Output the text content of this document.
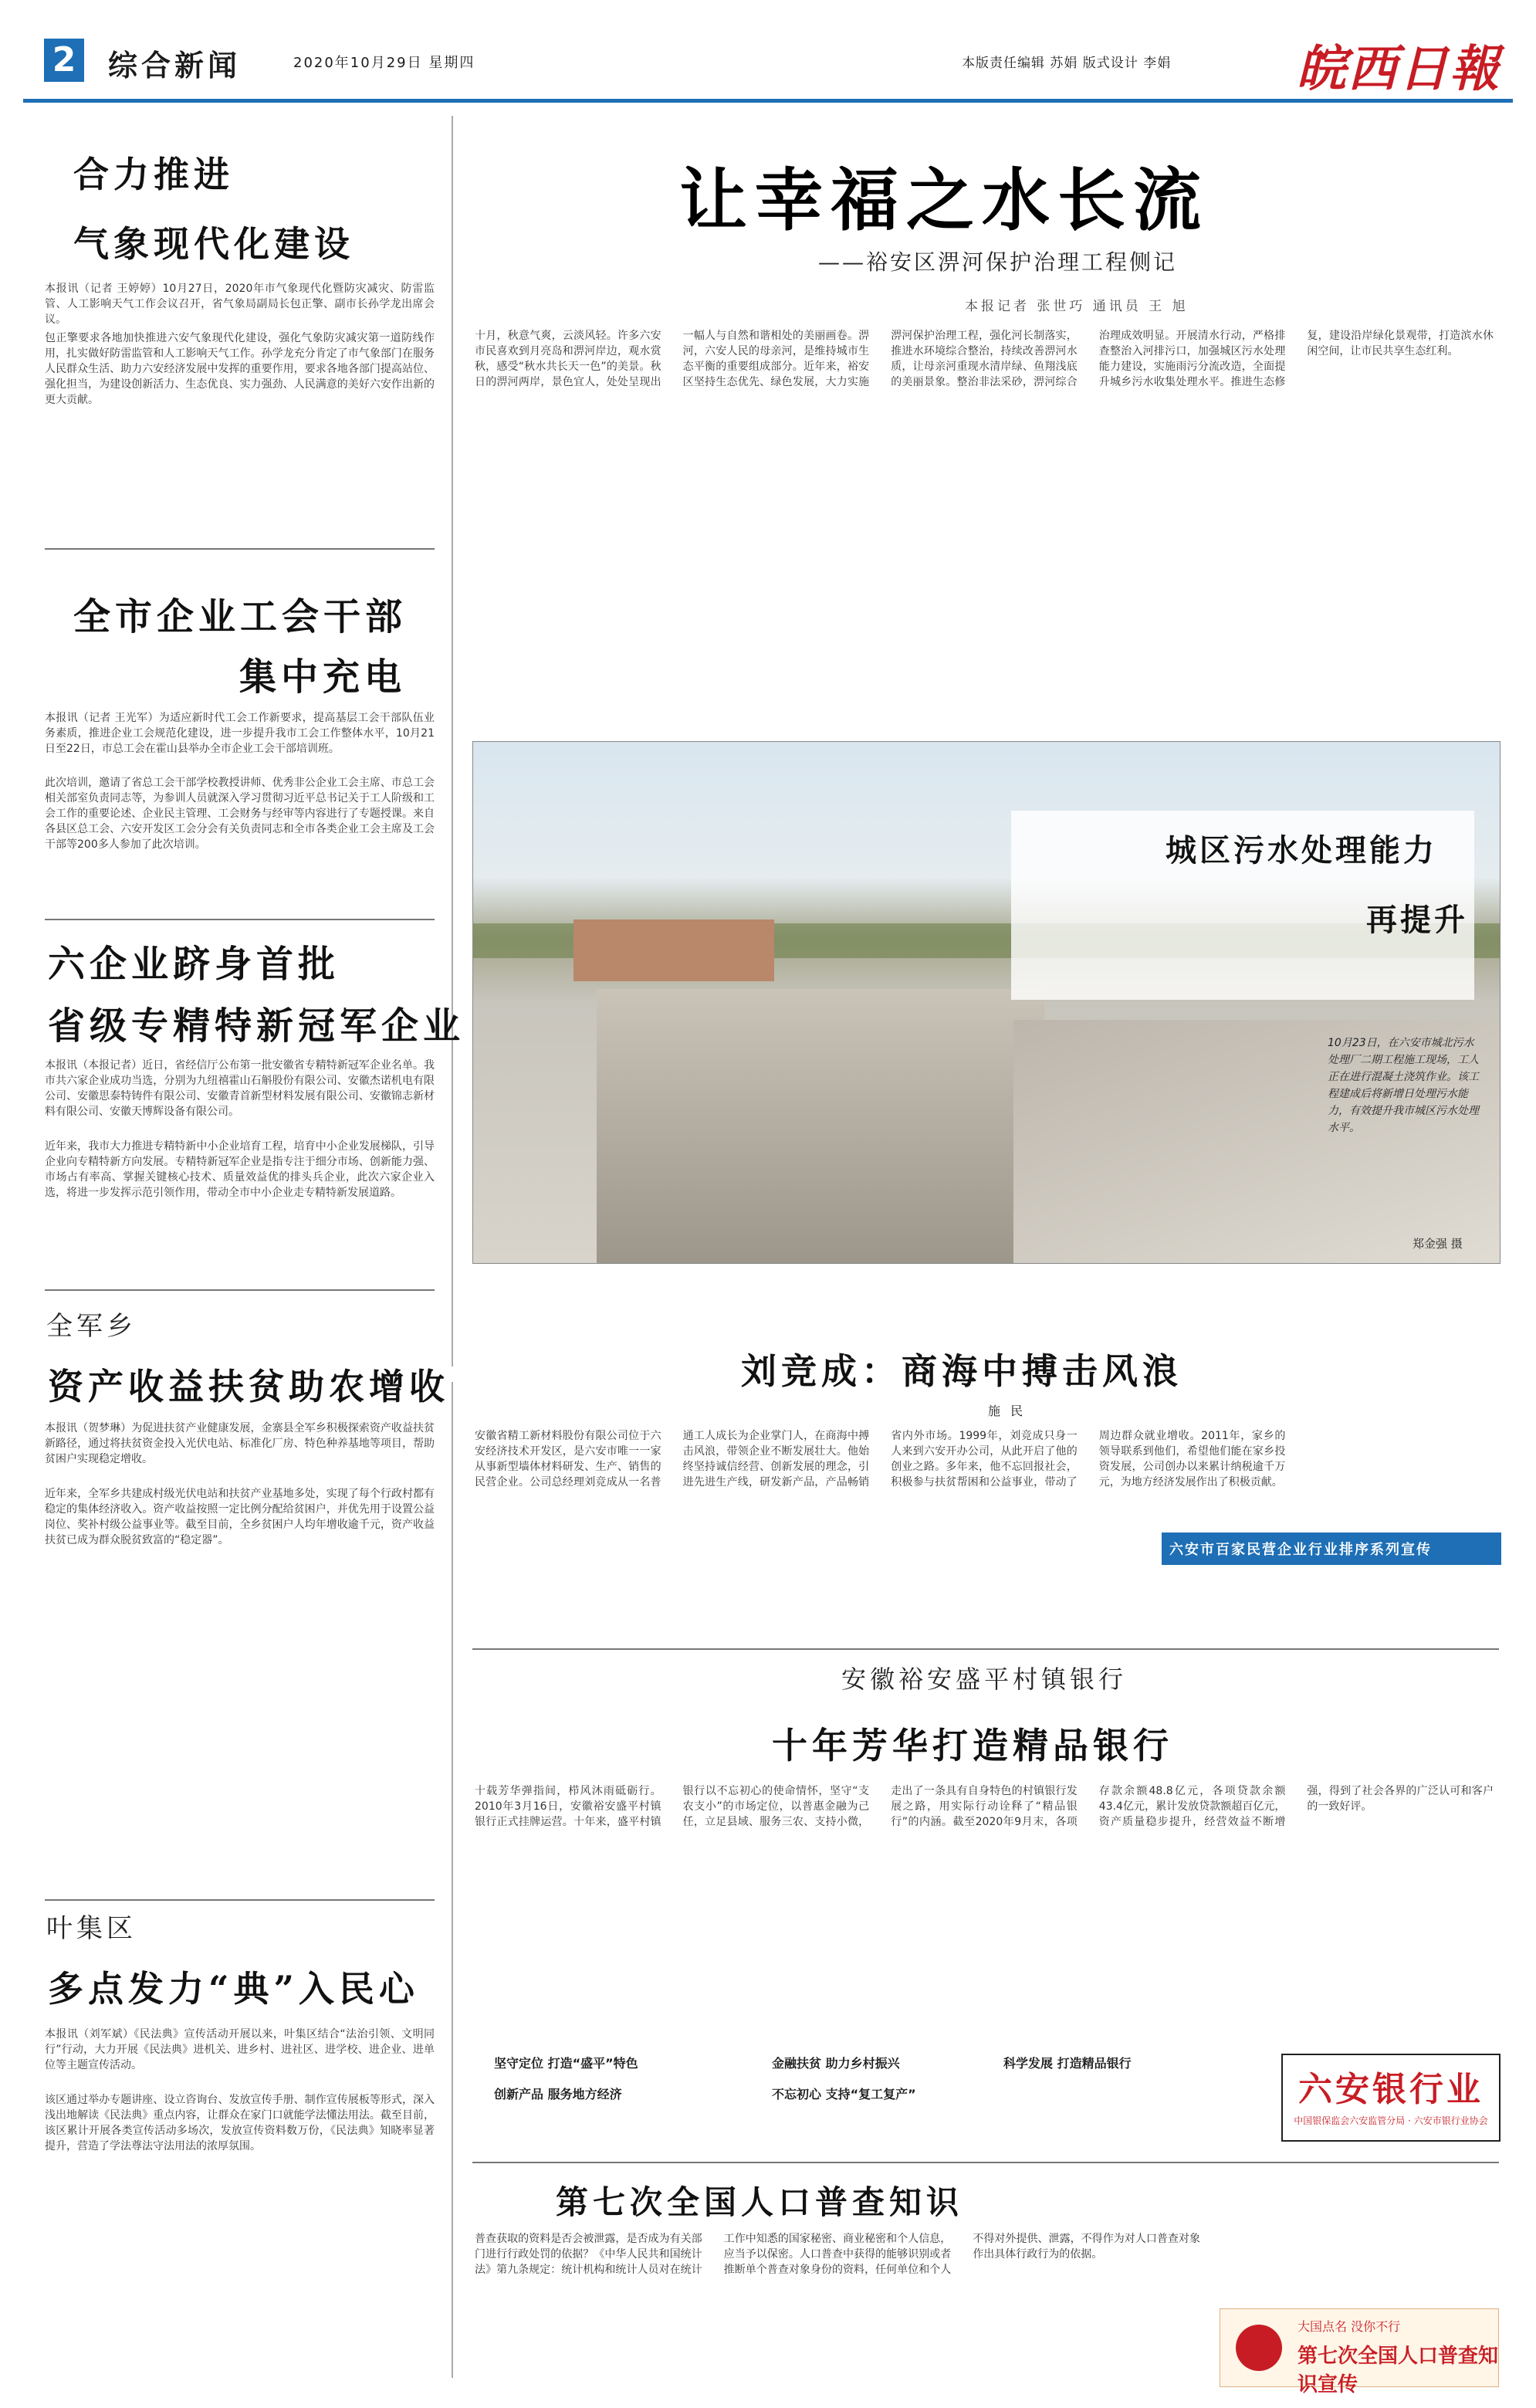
2 综合新闻	2020年10月29日 星期四	本版责任编辑 苏娟 版式设计 李娟	皖西日報
合力推进
气象现代化建设
本报讯（记者 王婷婷）10月27日，2020年市气象现代化暨防灾减灾、防雷监管、人工影响天气工作会议召开，省气象局副局长包正擎、副市长孙学龙出席会议。
包正擎要求各地加快推进六安气象现代化建设，强化气象防灾减灾第一道防线作用，扎实做好防雷监管和人工影响天气工作。孙学龙充分肯定了市气象部门在服务人民群众生活、助力六安经济发展中发挥的重要作用，要求各地各部门提高站位、强化担当，为建设创新活力、生态优良、实力强劲、人民满意的美好六安作出新的更大贡献。
全市企业工会干部
集中充电
本报讯（记者 王光军）为适应新时代工会工作新要求，提高基层工会干部队伍业务素质，推进企业工会规范化建设，进一步提升我市工会工作整体水平，10月21日至22日，市总工会在霍山县举办全市企业工会干部培训班。
此次培训，邀请了省总工会干部学校教授讲师、优秀非公企业工会主席、市总工会相关部室负责同志等，为参训人员就深入学习贯彻习近平总书记关于工人阶级和工会工作的重要论述、企业民主管理、工会财务与经审等内容进行了专题授课。来自各县区总工会、六安开发区工会分会有关负责同志和全市各类企业工会主席及工会干部等200多人参加了此次培训。
六企业跻身首批
省级专精特新冠军企业
本报讯（本报记者）近日，省经信厅公布第一批安徽省专精特新冠军企业名单。我市共六家企业成功当选，分别为九纽禧霍山石斛股份有限公司、安徽杰诺机电有限公司、安徽思泰特铸件有限公司、安徽青首新型材料发展有限公司、安徽锦志新材料有限公司、安徽天博辉设备有限公司。
近年来，我市大力推进专精特新中小企业培育工程，培育中小企业发展梯队，引导企业向专精特新方向发展。专精特新冠军企业是指专注于细分市场、创新能力强、市场占有率高、掌握关键核心技术、质量效益优的排头兵企业，此次六家企业入选，将进一步发挥示范引领作用，带动全市中小企业走专精特新发展道路。
全军乡
资产收益扶贫助农增收
本报讯（贺梦琳）为促进扶贫产业健康发展，金寨县全军乡积极探索资产收益扶贫新路径，通过将扶贫资金投入光伏电站、标准化厂房、特色种养基地等项目，帮助贫困户实现稳定增收。
近年来，全军乡共建成村级光伏电站和扶贫产业基地多处，实现了每个行政村都有稳定的集体经济收入。资产收益按照一定比例分配给贫困户，并优先用于设置公益岗位、奖补村级公益事业等。截至目前，全乡贫困户人均年增收逾千元，资产收益扶贫已成为群众脱贫致富的“稳定器”。
叶集区
多点发力“典”入民心
本报讯（刘军斌）《民法典》宣传活动开展以来，叶集区结合“法治引领、文明同行”行动，大力开展《民法典》进机关、进乡村、进社区、进学校、进企业、进单位等主题宣传活动。
该区通过举办专题讲座、设立咨询台、发放宣传手册、制作宣传展板等形式，深入浅出地解读《民法典》重点内容，让群众在家门口就能学法懂法用法。截至目前，该区累计开展各类宣传活动多场次，发放宣传资料数万份，《民法典》知晓率显著提升，营造了学法尊法守法用法的浓厚氛围。
让幸福之水长流
——裕安区淠河保护治理工程侧记
本报记者 张世巧 通讯员 王 旭
十月，秋意气爽，云淡风轻。许多六安市民喜欢到月亮岛和淠河岸边，观水赏秋，感受“秋水共长天一色”的美景。秋日的淠河两岸，景色宜人，处处呈现出一幅人与自然和谐相处的美丽画卷。淠河，六安人民的母亲河，是维持城市生态平衡的重要组成部分。近年来，裕安区坚持生态优先、绿色发展，大力实施淠河保护治理工程，强化河长制落实，推进水环境综合整治，持续改善淠河水质，让母亲河重现水清岸绿、鱼翔浅底的美丽景象。整治非法采砂，淠河综合治理成效明显。开展清水行动，严格排查整治入河排污口，加强城区污水处理能力建设，实施雨污分流改造，全面提升城乡污水收集处理水平。推进生态修复，建设沿岸绿化景观带，打造滨水休闲空间，让市民共享生态红利。
城区污水处理能力
再提升
10月23日，在六安市城北污水处理厂二期工程施工现场，工人正在进行混凝土浇筑作业。该工程建成后将新增日处理污水能力，有效提升我市城区污水处理水平。
郑金强 摄
刘竞成：商海中搏击风浪
施 民
安徽省精工新材料股份有限公司位于六安经济技术开发区，是六安市唯一一家从事新型墙体材料研发、生产、销售的民营企业。公司总经理刘竞成从一名普通工人成长为企业掌门人，在商海中搏击风浪，带领企业不断发展壮大。他始终坚持诚信经营、创新发展的理念，引进先进生产线，研发新产品，产品畅销省内外市场。1999年，刘竞成只身一人来到六安开办公司，从此开启了他的创业之路。多年来，他不忘回报社会，积极参与扶贫帮困和公益事业，带动了周边群众就业增收。2011年，家乡的领导联系到他们，希望他们能在家乡投资发展，公司创办以来累计纳税逾千万元，为地方经济发展作出了积极贡献。
六安市百家民营企业行业排序系列宣传
安徽裕安盛平村镇银行
十年芳华打造精品银行
十载芳华弹指间，栉风沐雨砥砺行。2010年3月16日，安徽裕安盛平村镇银行正式挂牌运营。十年来，盛平村镇银行以不忘初心的使命情怀，坚守“支农支小”的市场定位，以普惠金融为己任，立足县域、服务三农、支持小微，走出了一条具有自身特色的村镇银行发展之路，用实际行动诠释了“精品银行”的内涵。截至2020年9月末，各项存款余额48.8亿元，各项贷款余额43.4亿元，累计发放贷款额超百亿元，资产质量稳步提升，经营效益不断增强，得到了社会各界的广泛认可和客户的一致好评。
坚守定位 打造“盛平”特色
创新产品 服务地方经济
金融扶贫 助力乡村振兴
不忘初心 支持“复工复产”
科学发展 打造精品银行
六安银行业
中国银保监会六安监管分局 · 六安市银行业协会
第七次全国人口普查知识
普查获取的资料是否会被泄露，是否成为有关部门进行行政处罚的依据？《中华人民共和国统计法》第九条规定：统计机构和统计人员对在统计工作中知悉的国家秘密、商业秘密和个人信息，应当予以保密。人口普查中获得的能够识别或者推断单个普查对象身份的资料，任何单位和个人不得对外提供、泄露，不得作为对人口普查对象作出具体行政行为的依据。
大国点名 没你不行
第七次全国人口普查知识宣传
